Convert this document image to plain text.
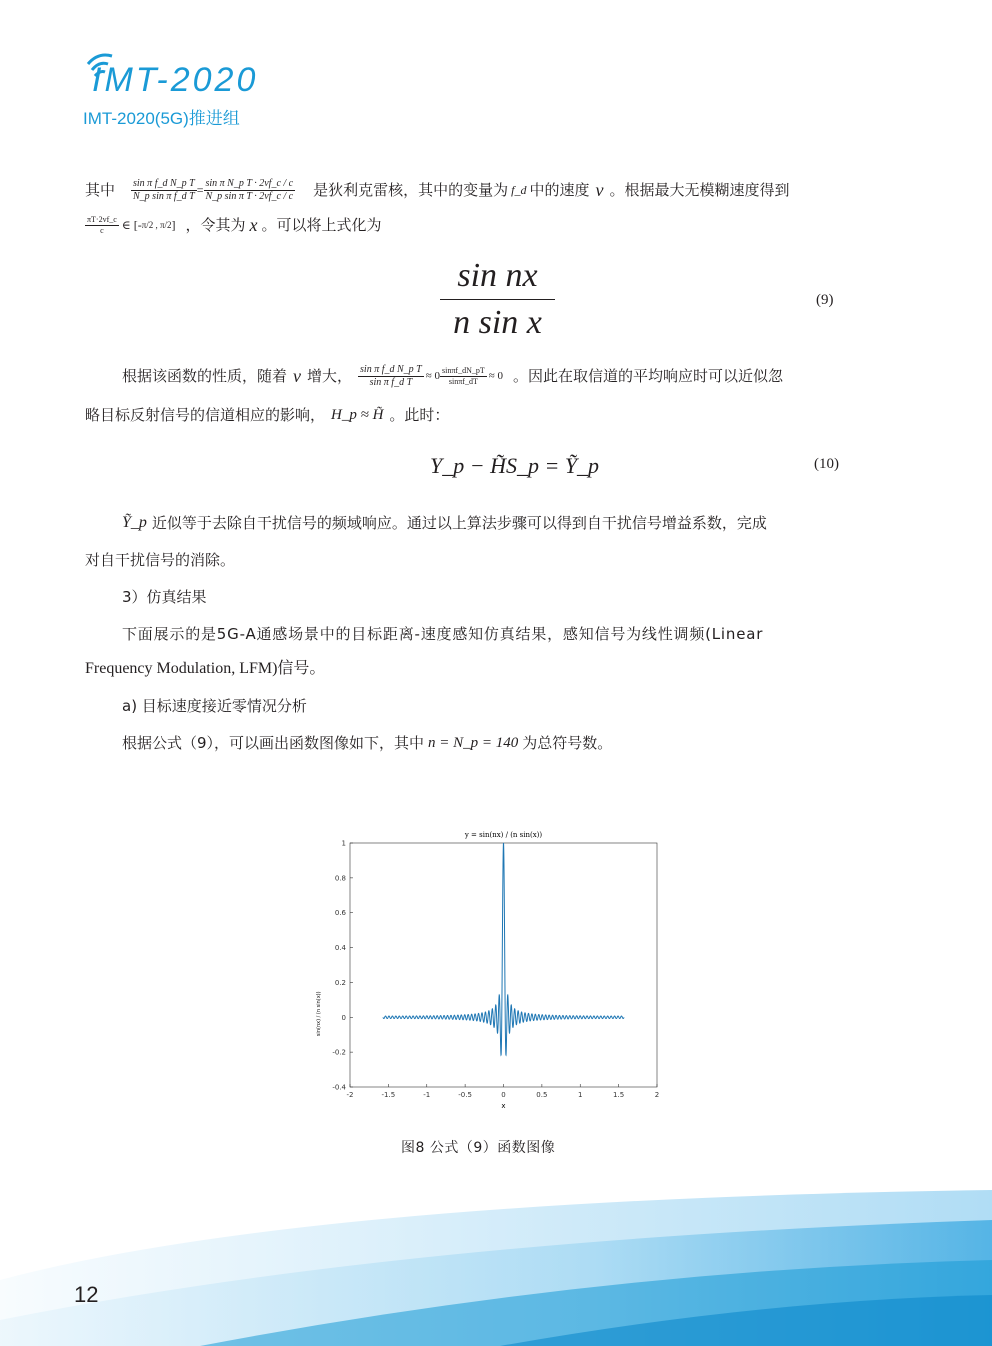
IMT-2020
IMT-2020(5G)推进组
其中 $\frac{\text{sin π f\_d N\_p T}}{\text{N\_p sin π f\_d T}} = \frac{\text{sin π N\_p T · 2vf\_c / c}}{\text{N\_p sin π T · 2vf\_c / c}}$ 是狄利克雷核，其中的变量为 f_d 中的速度 v 。根据最大无模糊速度得到
$\frac{\pi T\cdot 2vf\_c}{c}$ ∈ [- π/2 , π/2 ] ，令其为 x 。可以将上式化为
$\frac{\text{sin nx}}{\text{n sin x}}$	(9)
根据该函数的性质，随着 v 增大， $\frac{\text{sin π f\_d N\_p T}}{\text{sin π f\_d T}} \approx 0 \frac{\sin\pi f\_dN\_pT}{\sin\pi f\_dT} \approx 0$ 。因此在取信道的平均响应时可以近似忽
略目标反射信号的信道相应的影响， H_p ≈ H̃ 。此时：
Y_p − H̃S_p = Ỹ_p	(10)
Ỹ_p 近似等于去除自干扰信号的频域响应。通过以上算法步骤可以得到自干扰信号增益系数，完成
对自干扰信号的消除。
3）仿真结果
下面展示的是5G-A通感场景中的目标距离-速度感知仿真结果，感知信号为线性调频(Linear
Frequency Modulation, LFM)信号。
a) 目标速度接近零情况分析
根据公式（9），可以画出函数图像如下，其中 n = N_p = 140 为总符号数。
-2	-1.5	-1	-0.5	0	0.5	1	1.5	2
-0.4
-0.2
0
0.2
0.4
0.6
0.8
1
y = sin(nx) / (n sin(x))
x
sin(nx) / (n sin(x))
图8 公式（9）函数图像
12
